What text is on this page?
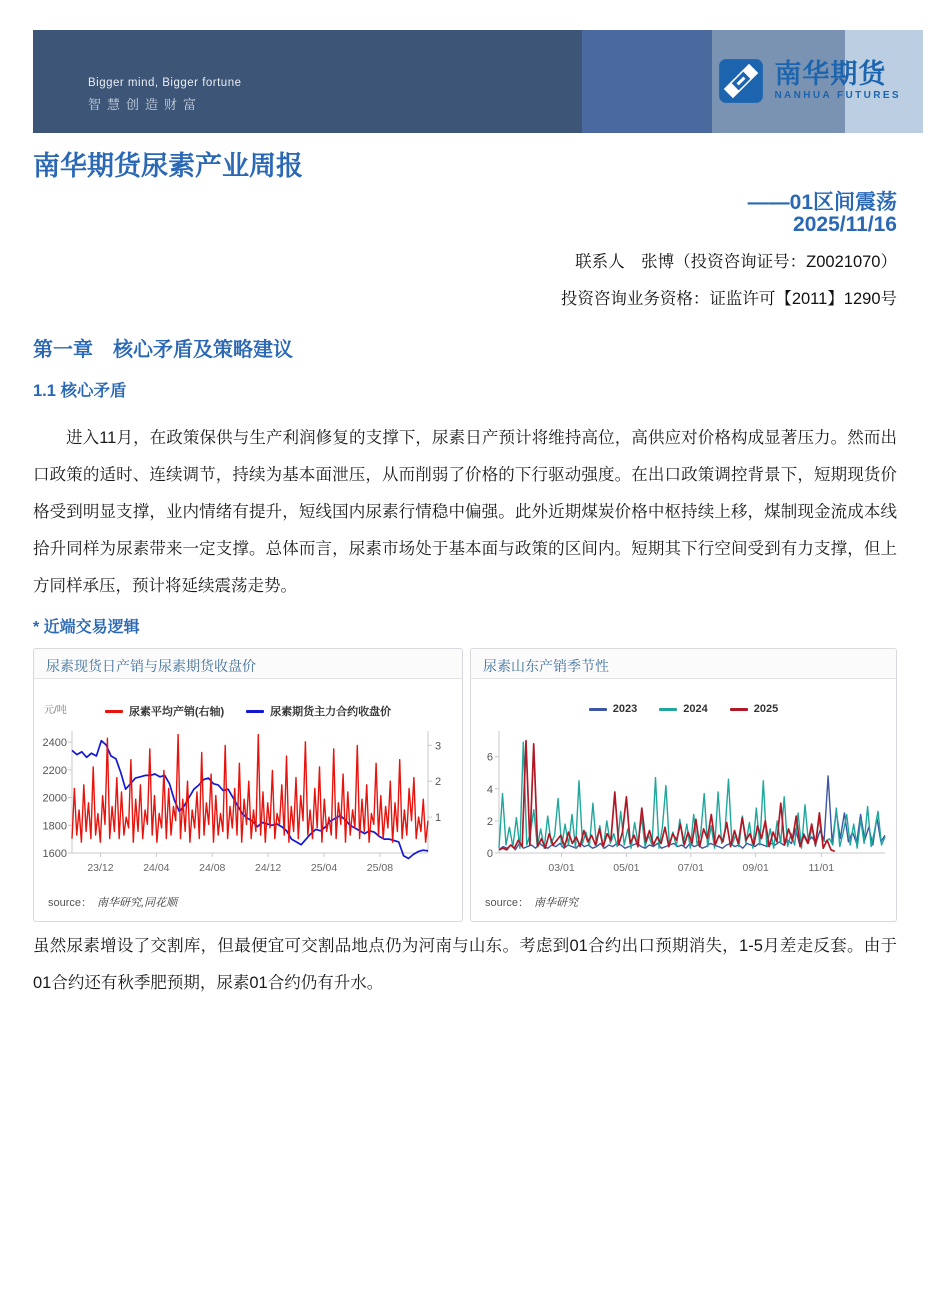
Bigger mind, Bigger fortune
智慧创造财富
南华期货
NANHUA FUTURES
南华期货尿素产业周报
——01区间震荡
2025/11/16
联系人　张博（投资咨询证号：Z0021070）
投资咨询业务资格：证监许可【2011】1290号
第一章　核心矛盾及策略建议
1.1 核心矛盾
进入11月，在政策保供与生产利润修复的支撑下，尿素日产预计将维持高位，高供应对价格构成显著压力。然而出口政策的适时、连续调节，持续为基本面泄压，从而削弱了价格的下行驱动强度。在出口政策调控背景下，短期现货价格受到明显支撑，业内情绪有提升，短线国内尿素行情稳中偏强。此外近期煤炭价格中枢持续上移，煤制现金流成本线拾升同样为尿素带来一定支撑。总体而言，尿素市场处于基本面与政策的区间内。短期其下行空间受到有力支撑，但上方同样承压，预计将延续震荡走势。
* 近端交易逻辑
尿素现货日产销与尿素期货收盘价
元/吨	尿素平均产销(右轴)	尿素期货主力合约收盘价
2400
2200
2000
1800
1600
3
2
1
23/12	24/04	24/08	24/12	25/04	25/08
source： 南华研究,同花顺
尿素山东产销季节性
2023	2024	2025
6
4
2
0
03/01	05/01	07/01	09/01	11/01
source： 南华研究
虽然尿素增设了交割库，但最便宜可交割品地点仍为河南与山东。考虑到01合约出口预期消失，1-5月差走反套。由于01合约还有秋季肥预期，尿素01合约仍有升水。
